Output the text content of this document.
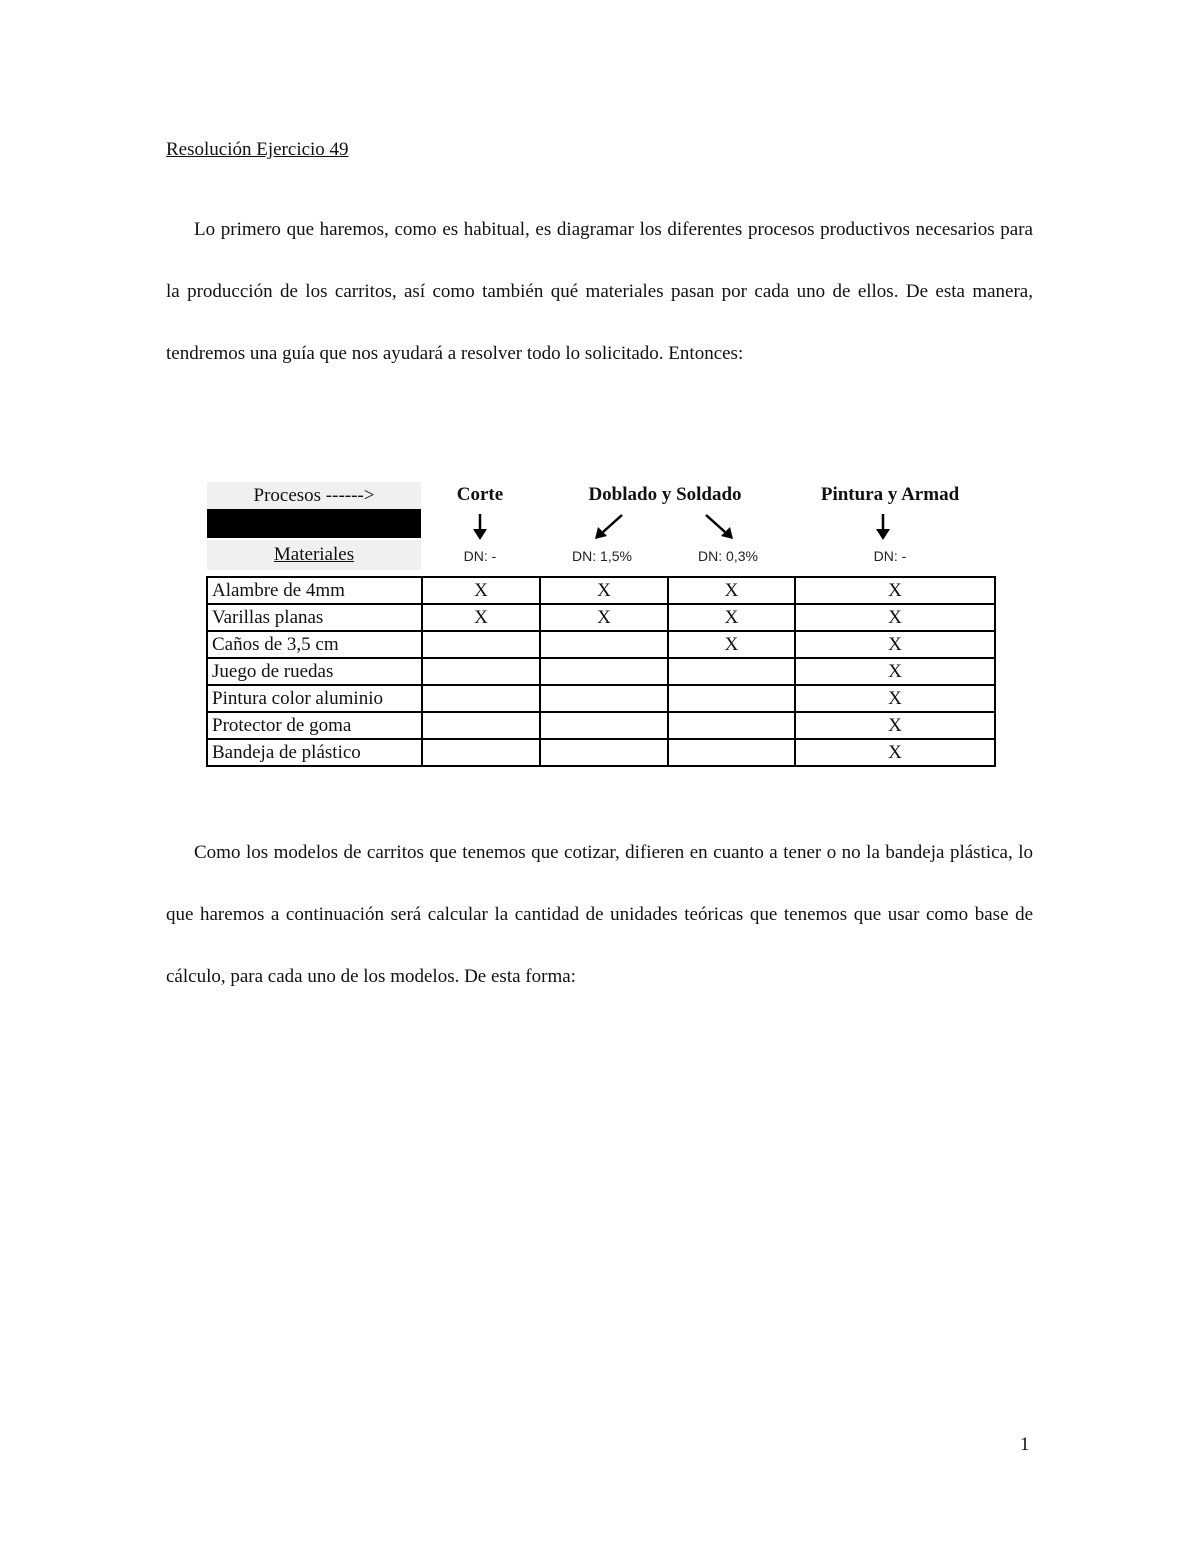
Resolución Ejercicio 49

Lo primero que haremos, como es habitual, es diagramar los diferentes procesos productivos necesarios para la producción de los carritos, así como también qué materiales pasan por cada uno de ellos. De esta manera, tendremos una guía que nos ayudará a resolver todo lo solicitado. Entonces:

Procesos ------>
Materiales
Corte	Doblado y Soldado	Pintura y Armad
DN: -	DN: 1,5%	DN: 0,3%	DN: -
Alambre de 4mm	X	X	X	X
Varillas planas	X	X	X	X
Caños de 3,5 cm			X	X
Juego de ruedas				X
Pintura color aluminio				X
Protector de goma				X
Bandeja de plástico				X

Como los modelos de carritos que tenemos que cotizar, difieren en cuanto a tener o no la bandeja plástica, lo que haremos a continuación será calcular la cantidad de unidades teóricas que tenemos que usar como base de cálculo, para cada uno de los modelos. De esta forma:

1
